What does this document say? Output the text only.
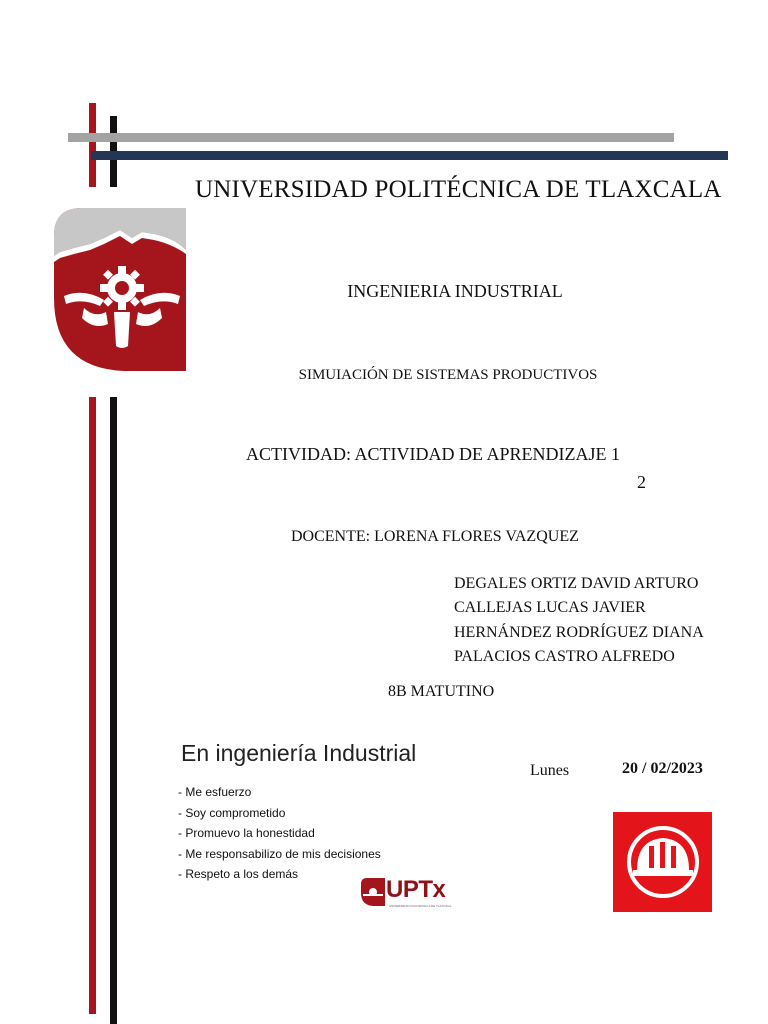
UNIVERSIDAD POLITÉCNICA DE TLAXCALA
INGENIERIA INDUSTRIAL
SIMUIACIÓN DE SISTEMAS PRODUCTIVOS
ACTIVIDAD: ACTIVIDAD DE APRENDIZAJE 1
2
DOCENTE: LORENA FLORES VAZQUEZ
DEGALES ORTIZ DAVID ARTURO
CALLEJAS LUCAS JAVIER
HERNÁNDEZ RODRÍGUEZ DIANA
PALACIOS CASTRO ALFREDO
8B MATUTINO
En ingeniería Industrial
- Me esfuerzo
- Soy comprometido
- Promuevo la honestidad
- Me responsabilizo de mis decisiones
- Respeto a los demás
UPTx
UNIVERSIDAD POLITÉCNICA DE TLAXCALA
Lunes	20 / 02/2023
